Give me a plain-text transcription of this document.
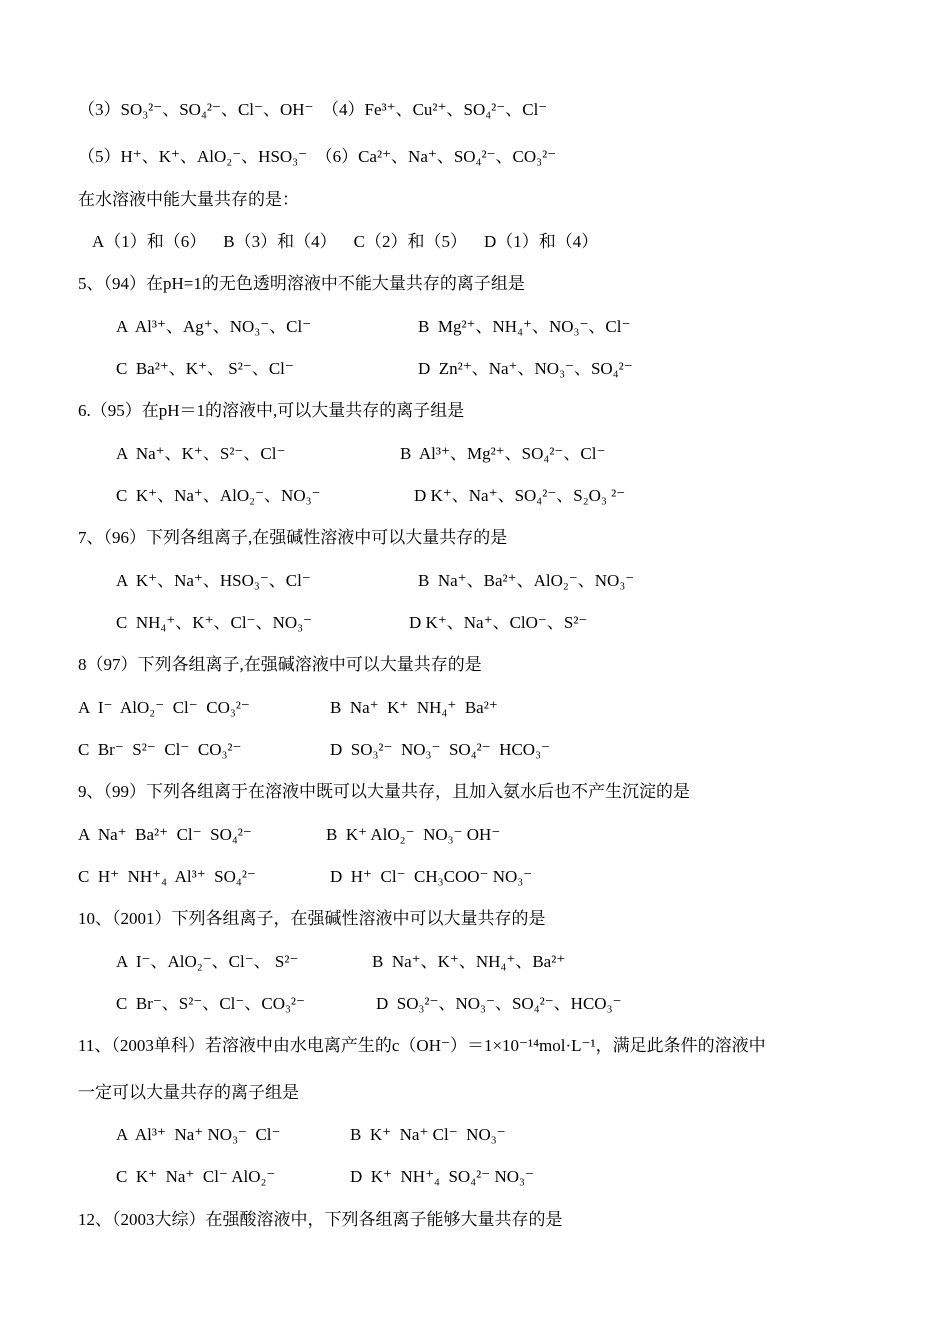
（3）SO₃²⁻、SO₄²⁻、Cl⁻、OH⁻  （4）Fe³⁺、Cu²⁺、SO₄²⁻、Cl⁻
（5）H⁺、K⁺、AlO₂⁻、HSO₃⁻  （6）Ca²⁺、Na⁺、SO₄²⁻、CO₃²⁻
在水溶液中能大量共存的是：
A（1）和（6）    B（3）和（4）    C（2）和（5）    D（1）和（4）
5、（94）在pH=1的无色透明溶液中不能大量共存的离子组是
A  Al³⁺、Ag⁺、NO₃⁻、Cl⁻	B  Mg²⁺、NH₄⁺、NO₃⁻、Cl⁻
C  Ba²⁺、K⁺、 S²⁻、Cl⁻	D  Zn²⁺、Na⁺、NO₃⁻、SO₄²⁻
6.（95）在pH＝1的溶液中,可以大量共存的离子组是
A  Na⁺、K⁺、S²⁻、Cl⁻	B  Al³⁺、Mg²⁺、SO₄²⁻、Cl⁻
C  K⁺、Na⁺、AlO₂⁻、NO₃⁻	D K⁺、Na⁺、SO₄²⁻、S₂O₃ ²⁻
7、（96）下列各组离子,在强碱性溶液中可以大量共存的是
A  K⁺、Na⁺、HSO₃⁻、Cl⁻	B  Na⁺、Ba²⁺、AlO₂⁻、NO₃⁻
C  NH₄⁺、K⁺、Cl⁻、NO₃⁻	D K⁺、Na⁺、ClO⁻、S²⁻
8（97）下列各组离子,在强碱溶液中可以大量共存的是
A  I⁻  AlO₂⁻  Cl⁻  CO₃²⁻	B  Na⁺  K⁺  NH₄⁺  Ba²⁺
C  Br⁻  S²⁻  Cl⁻  CO₃²⁻	D  SO₃²⁻  NO₃⁻  SO₄²⁻  HCO₃⁻
9、（99）下列各组离于在溶液中既可以大量共存，且加入氨水后也不产生沉淀的是
A  Na⁺  Ba²⁺  Cl⁻  SO₄²⁻	B  K⁺ AlO₂⁻  NO₃⁻ OH⁻
C  H⁺  NH⁺₄  Al³⁺  SO₄²⁻	D  H⁺  Cl⁻  CH₃COO⁻ NO₃⁻
10、（2001）下列各组离子，在强碱性溶液中可以大量共存的是
A  I⁻、AlO₂⁻、Cl⁻、 S²⁻	B  Na⁺、K⁺、NH₄⁺、Ba²⁺
C  Br⁻、S²⁻、Cl⁻、CO₃²⁻	D  SO₃²⁻、NO₃⁻、SO₄²⁻、HCO₃⁻
11、（2003单科）若溶液中由水电离产生的c（OH⁻）＝1×10⁻¹⁴mol·L⁻¹，满足此条件的溶液中
一定可以大量共存的离子组是
A  Al³⁺  Na⁺ NO₃⁻  Cl⁻	B  K⁺  Na⁺ Cl⁻  NO₃⁻
C  K⁺  Na⁺  Cl⁻ AlO₂⁻	D  K⁺  NH⁺₄  SO₄²⁻ NO₃⁻
12、（2003大综）在强酸溶液中，下列各组离子能够大量共存的是
